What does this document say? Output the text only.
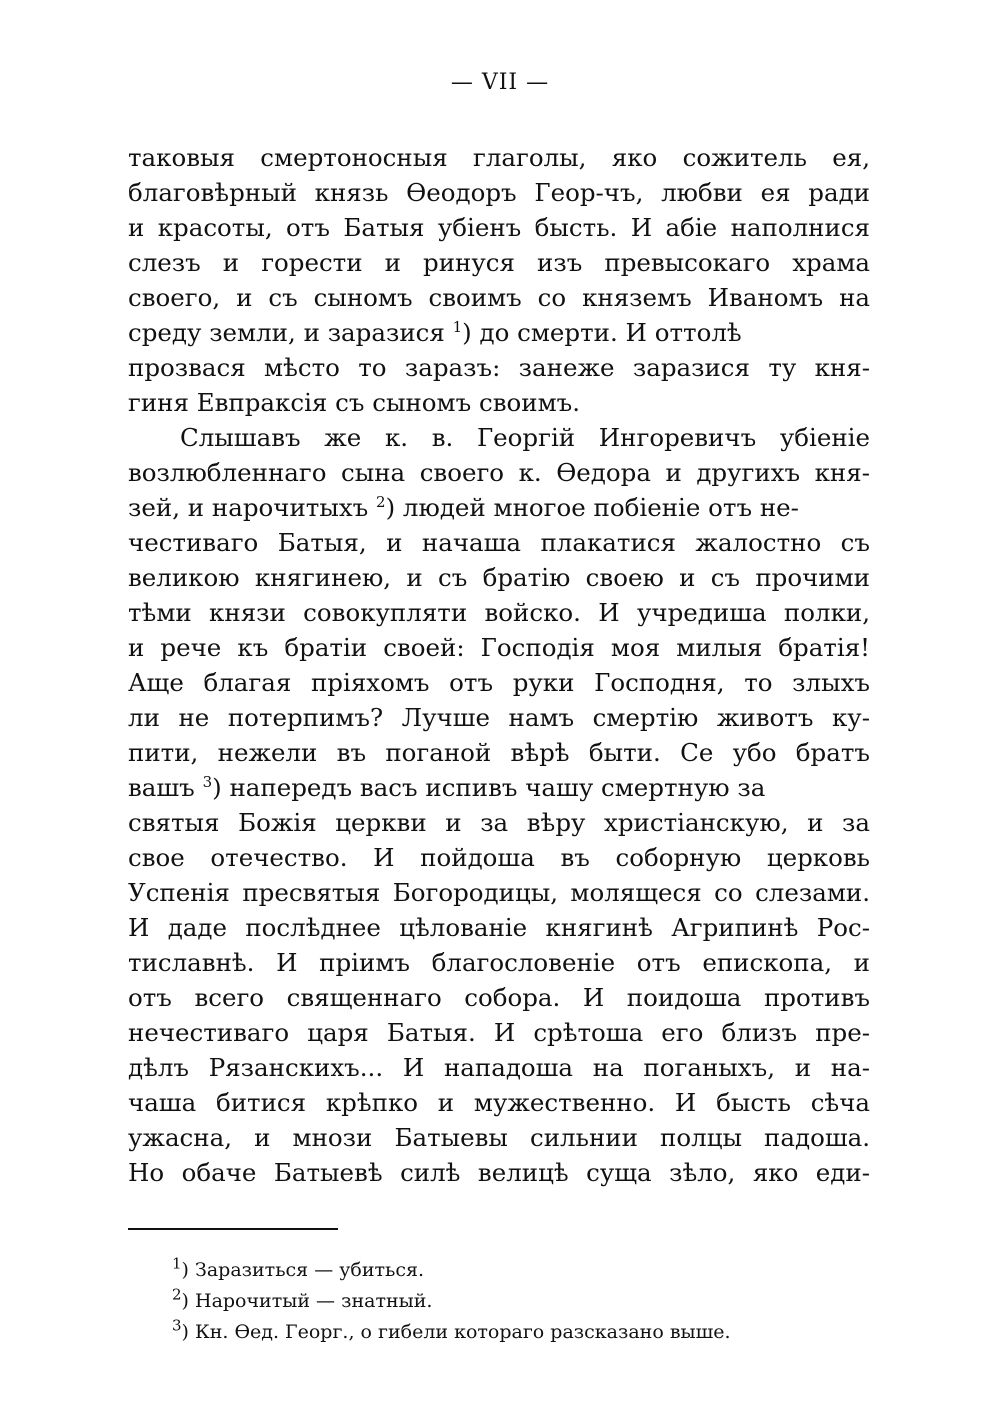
— VII —
таковыя смертоносныя глаголы, яко сожитель ея,
благовѣрный князь Өеодоръ Геор-чъ, любви ея ради
и красоты, отъ Батыя убіенъ бысть. И абіе наполнися
слезъ и горести и ринуся изъ превысокаго храма
своего, и съ сыномъ своимъ со княземъ Иваномъ на
среду земли, и заразися $^1$) до смерти. И оттолѣ
прозвася мѣсто то заразъ: занеже заразися ту кня-
гиня Евпраксія съ сыномъ своимъ.
Слышавъ же к. в. Георгій Ингоревичъ убіеніе
возлюбленнаго сына своего к. Өедора и другихъ кня-
зей, и нарочитыхъ $^2$) людей многое побіеніе отъ не-
честиваго Батыя, и начаша плакатися жалостно съ
великою княгинею, и съ братію своею и съ прочими
тѣми князи совокупляти войско. И учредиша полки,
и рече къ братіи своей: Господія моя милыя братія!
Аще благая пріяхомъ отъ руки Господня, то злыхъ
ли не потерпимъ? Лучше намъ смертію животъ ку-
пити, нежели въ поганой вѣрѣ быти. Се убо братъ
вашъ $^3$) напередъ васъ испивъ чашу смертную за
святыя Божія церкви и за вѣру христіанскую, и за
свое отечество. И пойдоша въ соборную церковь
Успенія пресвятыя Богородицы, молящеся со слезами.
И даде послѣднее цѣлованіе княгинѣ Агрипинѣ Рос-
тиславнѣ. И пріимъ благословеніе отъ епископа, и
отъ всего священнаго собора. И поидоша противъ
нечестиваго царя Батыя. И срѣтоша его близъ пре-
дѣлъ Рязанскихъ... И нападоша на поганыхъ, и на-
чаша битися крѣпко и мужественно. И бысть сѣча
ужасна, и мнози Батыевы сильнии полцы падоша.
Но обаче Батыевѣ силѣ велицѣ суща зѣло, яко еди-
$^1$) Заразиться — убиться.
$^2$) Нарочитый — знатный.
$^3$) Кн. Өед. Георг., о гибели котораго разсказано выше.
